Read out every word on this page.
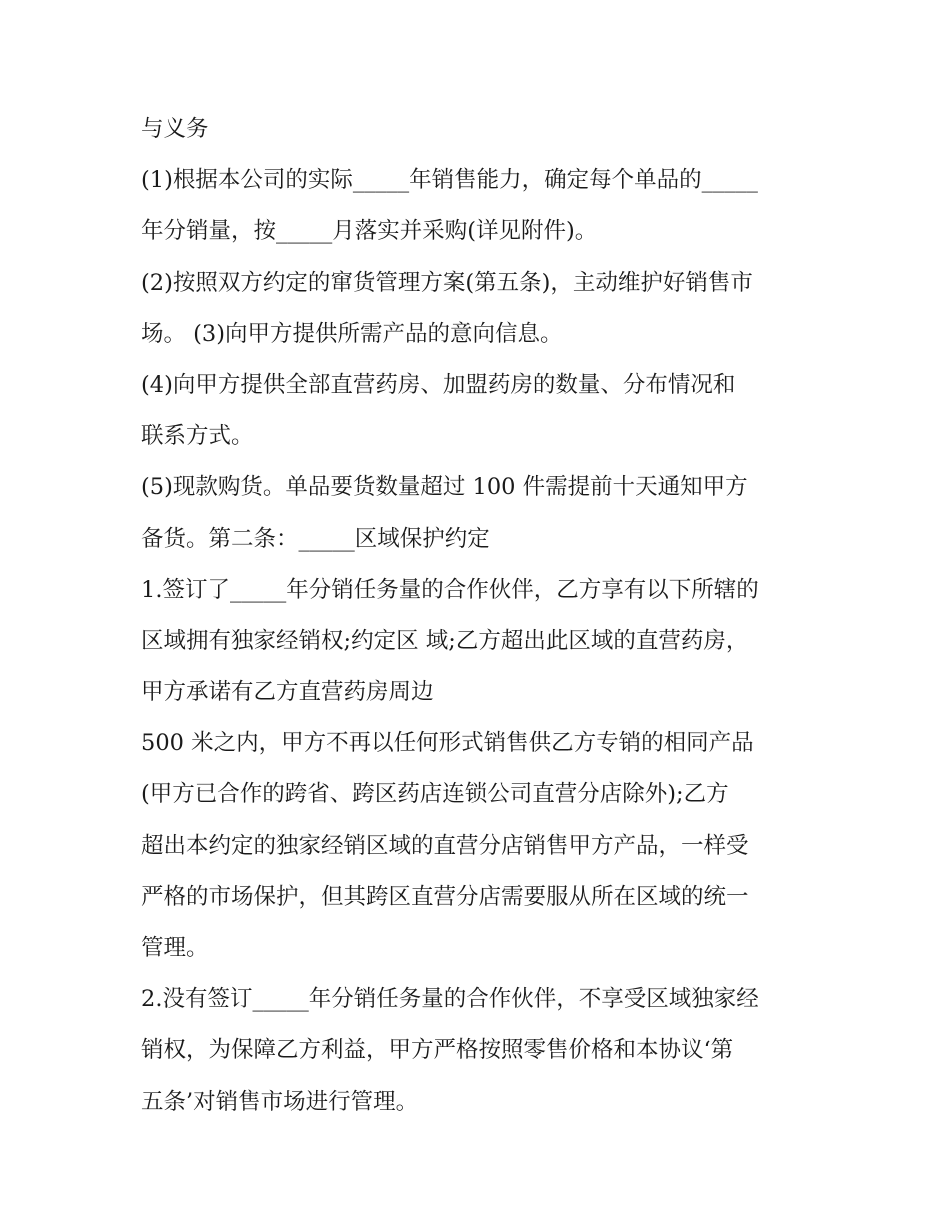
与义务
(1)根据本公司的实际_____年销售能力，确定每个单品的_____
年分销量，按_____月落实并采购(详见附件)。
(2)按照双方约定的窜货管理方案(第五条)，主动维护好销售市
场。 (3)向甲方提供所需产品的意向信息。
(4)向甲方提供全部直营药房、加盟药房的数量、分布情况和
联系方式。
(5)现款购货。单品要货数量超过 100 件需提前十天通知甲方
备货。第二条：_____区域保护约定
1.签订了_____年分销任务量的合作伙伴，乙方享有以下所辖的
区域拥有独家经销权;约定区 域;乙方超出此区域的直营药房，
甲方承诺有乙方直营药房周边
500 米之内，甲方不再以任何形式销售供乙方专销的相同产品
(甲方已合作的跨省、跨区药店连锁公司直营分店除外);乙方
超出本约定的独家经销区域的直营分店销售甲方产品，一样受
严格的市场保护，但其跨区直营分店需要服从所在区域的统一
管理。
2.没有签订_____年分销任务量的合作伙伴，不享受区域独家经
销权，为保障乙方利益，甲方严格按照零售价格和本协议‘第
五条’对销售市场进行管理。
